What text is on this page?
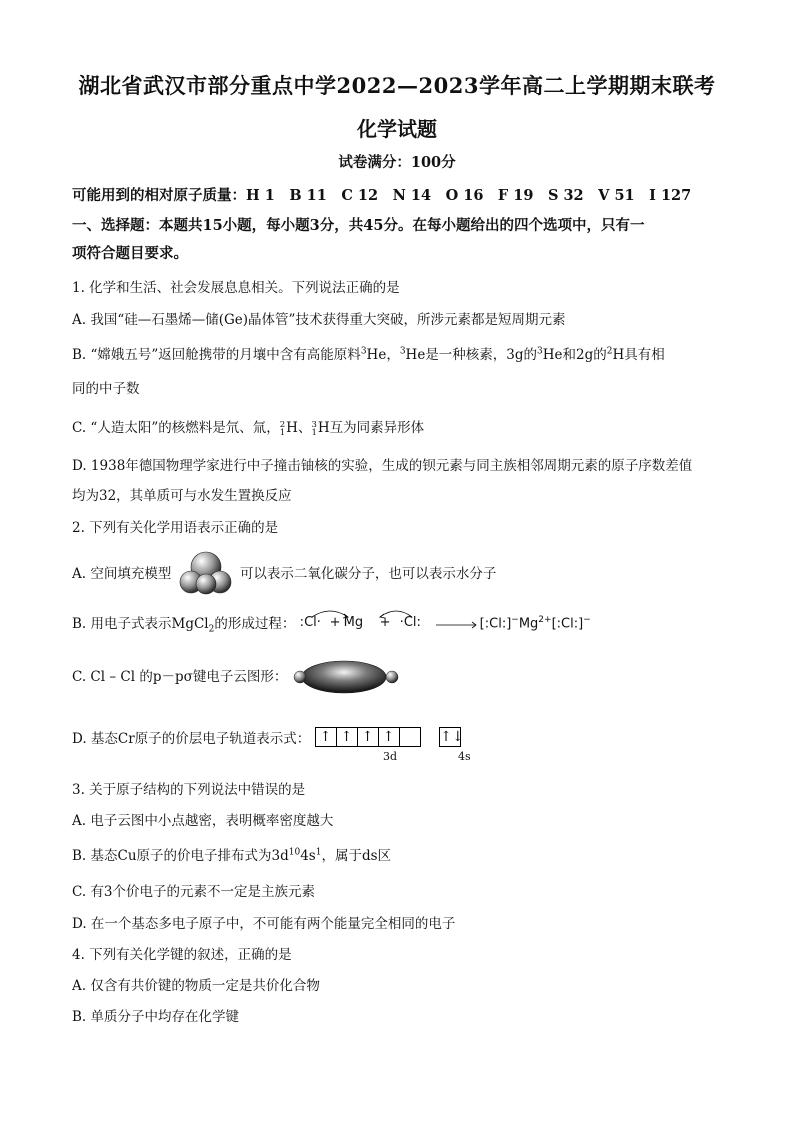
湖北省武汉市部分重点中学2022—2023学年高二上学期期末联考
化学试题
试卷满分：100分
可能用到的相对原子质量：H 1　B 11　C 12　N 14　O 16　F 19　S 32　V 51　I 127
一、选择题：本题共15小题，每小题3分，共45分。在每小题给出的四个选项中，只有一
项符合题目要求。
1. 化学和生活、社会发展息息相关。下列说法正确的是
A. 我国“硅—石墨烯—储(Ge)晶体管”技术获得重大突破，所涉元素都是短周期元素
B. “嫦娥五号”返回舱携带的月壤中含有高能原料$^3$He，$^3$He是一种核素，3g的$^3$He和2g的$^2$H具有相
同的中子数
C. “人造太阳”的核燃料是氘、氚， 2
1 H、 3
1 H互为同素异形体
D. 1938年德国物理学家进行中子撞击铀核的实验，生成的钡元素与同主族相邻周期元素的原子序数差值
均为32，其单质可与水发生置换反应
2. 下列有关化学用语表示正确的是
A. 空间填充模型	可以表示二氧化碳分子，也可以表示水分子
B. 用电子式表示MgCl$_2$的形成过程： :Cl· + Mg + ·Cl:	$[:Cl:]^-Mg^{2+}[:Cl:]^-$
C. Cl – Cl 的p－pσ键电子云图形：
D. 基态Cr原子的价层电子轨道表示式： ↑ ↑ ↑ ↑	↑↓
3d	4s
3. 关于原子结构的下列说法中错误的是
A. 电子云图中小点越密，表明概率密度越大
B. 基态Cu原子的价电子排布式为$3d^{10}4s^1$，属于ds区
C. 有3个价电子的元素不一定是主族元素
D. 在一个基态多电子原子中，不可能有两个能量完全相同的电子
4. 下列有关化学键的叙述，正确的是
A. 仅含有共价键的物质一定是共价化合物
B. 单质分子中均存在化学键
